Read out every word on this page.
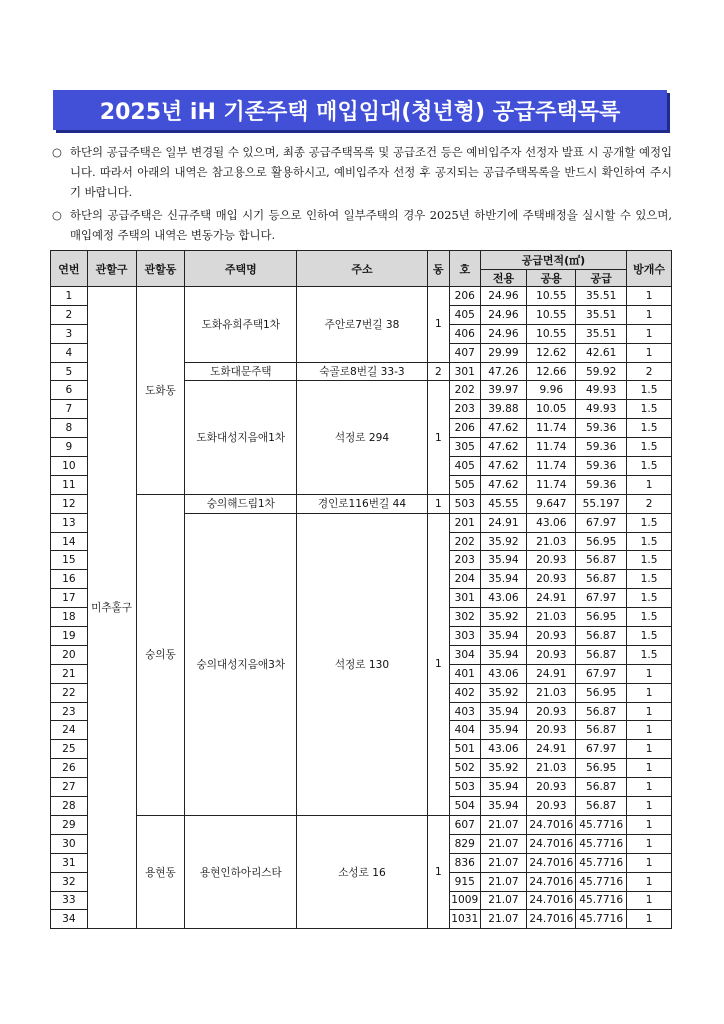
2025년 iH 기존주택 매입임대(청년형) 공급주택목록
○ 하단의 공급주택은 일부 변경될 수 있으며, 최종 공급주택목록 및 공급조건 등은 예비입주자 선정자 발표 시 공개할 예정입니다. 따라서 아래의 내역은 참고용으로 활용하시고, 예비입주자 선정 후 공지되는 공급주택목록을 반드시 확인하여 주시기 바랍니다.
○ 하단의 공급주택은 신규주택 매입 시기 등으로 인하여 일부주택의 경우 2025년 하반기에 주택배정을 실시할 수 있으며, 매입예정 주택의 내역은 변동가능 합니다.
연번	관할구	관할동	주택명	주소	동	호	공급면적(㎡)			방개수
							전용	공용	공급	
1	미추홀구	도화동	도화유희주택1차	주안로7번길 38	1	206	24.96	10.55	35.51	1
2						405	24.96	10.55	35.51	1
3						406	24.96	10.55	35.51	1
4						407	29.99	12.62	42.61	1
5			도화대문주택	숙골로8번길 33-3	2	301	47.26	12.66	59.92	2
6			도화대성지음애1차	석정로 294	1	202	39.97	9.96	49.93	1.5
7						203	39.88	10.05	49.93	1.5
8						206	47.62	11.74	59.36	1.5
9						305	47.62	11.74	59.36	1.5
10						405	47.62	11.74	59.36	1.5
11						505	47.62	11.74	59.36	1
12		숭의동	숭의해드림1차	경인로116번길 44	1	503	45.55	9.647	55.197	2
13			숭의대성지음애3차	석정로 130	1	201	24.91	43.06	67.97	1.5
14						202	35.92	21.03	56.95	1.5
15						203	35.94	20.93	56.87	1.5
16						204	35.94	20.93	56.87	1.5
17						301	43.06	24.91	67.97	1.5
18						302	35.92	21.03	56.95	1.5
19						303	35.94	20.93	56.87	1.5
20						304	35.94	20.93	56.87	1.5
21						401	43.06	24.91	67.97	1
22						402	35.92	21.03	56.95	1
23						403	35.94	20.93	56.87	1
24						404	35.94	20.93	56.87	1
25						501	43.06	24.91	67.97	1
26						502	35.92	21.03	56.95	1
27						503	35.94	20.93	56.87	1
28						504	35.94	20.93	56.87	1
29		용현동	용현인하아리스타	소성로 16	1	607	21.07	24.7016	45.7716	1
30						829	21.07	24.7016	45.7716	1
31						836	21.07	24.7016	45.7716	1
32						915	21.07	24.7016	45.7716	1
33						1009	21.07	24.7016	45.7716	1
34						1031	21.07	24.7016	45.7716	1
